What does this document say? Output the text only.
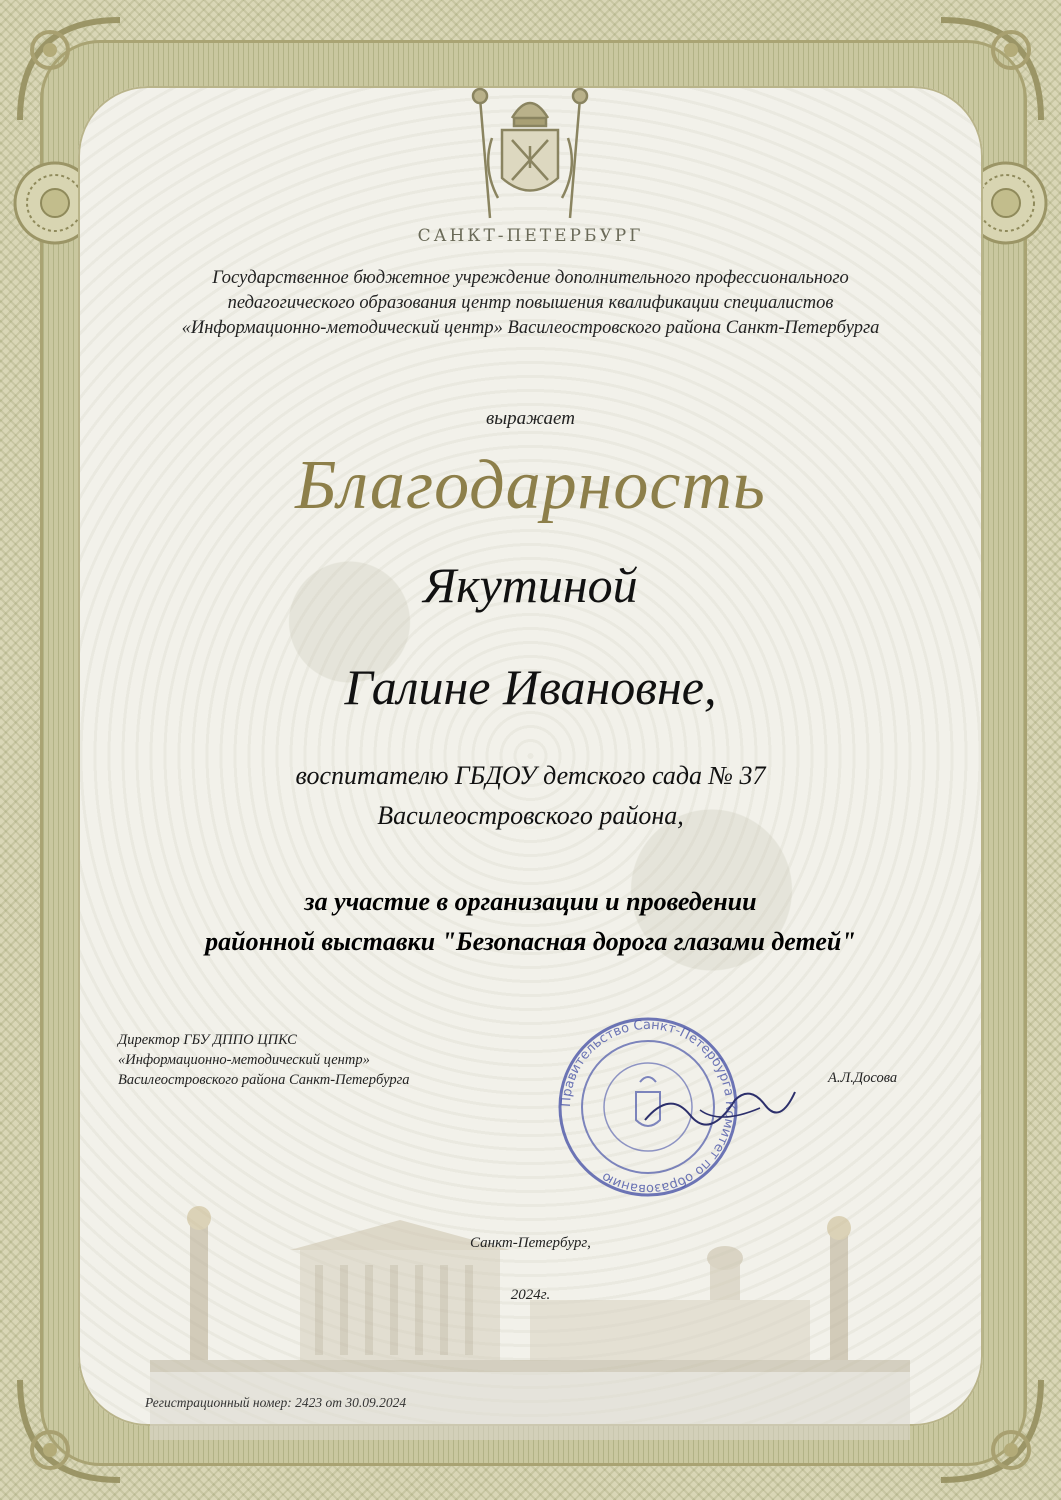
САНКТ-ПЕТЕРБУРГ
Государственное бюджетное учреждение дополнительного профессионального
педагогического образования центр повышения квалификации специалистов
«Информационно-методический центр» Василеостровского района Санкт-Петербурга
выражает
Благодарность
Якутиной
Галине Ивановне,
воспитателю ГБДОУ детского сада № 37
Василеостровского района,
за участие в организации и проведении
районной выставки "Безопасная дорога глазами детей"
Директор ГБУ ДППО ЦПКС
«Информационно-методический центр»
Василеостровского района Санкт-Петербурга
Правительство Санкт-Петербурга Комитет по образованию
А.Л.Досова
Санкт-Петербург,
2024г.
Регистрационный номер: 2423 от 30.09.2024
